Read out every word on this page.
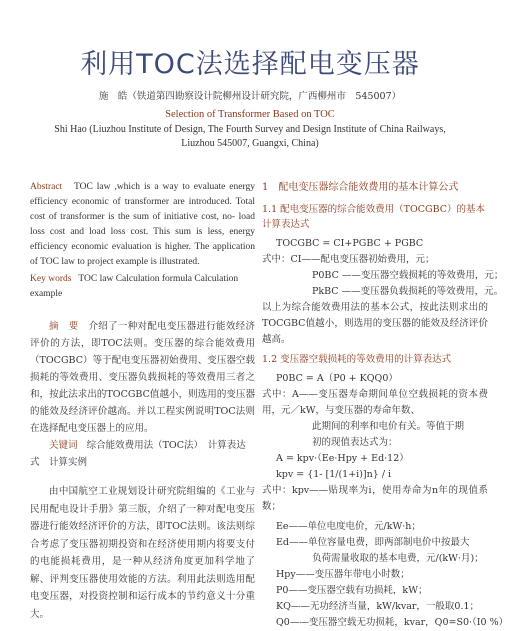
利用TOC法选择配电变压器
施　皓（铁道第四勘察设计院柳州设计研究院，广西柳州市　545007）
Selection of Transformer Based on TOC
Shi Hao (Liuzhou Institute of Design, The Fourth Survey and Design Institute of China Railways, Liuzhou 545007, Guangxi, China)
Abstract TOC law ,which is a way to evaluate energy efficiency economic of transformer are introduced. Total cost of transformer is the sum of initiative cost, no- load loss cost and load loss cost. This sum is less, energy efficiency economic evaluation is higher. The application of TOC law to project example is illustrated.
Key words TOC law Calculation formula Calculation example
摘　要 介绍了一种对配电变压器进行能效经济评价的方法，即TOC法则。变压器的综合能效费用（TOCGBC）等于配电变压器初始费用、变压器空载损耗的等效费用、变压器负载损耗的等效费用三者之和，按此法求出的TOCGBC值越小，则选用的变压器的能效及经济评价越高。并以工程实例说明TOC法则在选择配电变压器上的应用。
关键词 综合能效费用法（TOC法）　计算表达式　计算实例
由中国航空工业规划设计研究院组编的《工业与民用配电设计手册》第三版，介绍了一种对配电变压器进行能效经济评价的方法，即TOC法则。该法则综合考虑了变压器初期投资和在经济使用期内将要支付的电能损耗费用，是一种从经济角度更加科学地了解、评判变压器使用效能的方法。利用此法则选用配电变压器，对投资控制和运行成本的节约意义十分重大。
1　配电变压器综合能效费用的基本计算公式
1.1 配电变压器的综合能效费用（TOCGBC）的基本计算表达式
TOCGBC = CI+PGBC + PGBC
式中：CI——配电变压器初始费用，元；
P0BC ——变压器空载损耗的等效费用，元；
PkBC ——变压器负载损耗的等效费用，元。
以上为综合能效费用法的基本公式，按此法则求出的TOCGBC值越小，则选用的变压器的能效及经济评价越高。
1.2 变压器空载损耗的等效费用的计算表达式
P0BC = A（P0 + KQQ0）
式中：A——变压器寿命期间单位空载损耗的资本费用，元／kW，与变压器的寿命年数、
此期间的利率和电价有关。等值于期
初的现值表达式为：
A = kpv·（Ee·Hpy + Ed·12）
kpv = {1- [1/(1+i)]n} / i
式中：kpv——贴现率为i，使用寿命为n年的现值系数；
Ee——单位电度电价，元/kW·h；
Ed——单位容量电费，即两部制电价中按最大
负荷需量收取的基本电费，元/(kW·月)；
Hpy——变压器年带电小时数；
P0——变压器空载有功损耗，kW；
KQ——无功经济当量，kW/kvar，一般取0.1；
Q0——变压器空载无功损耗，kvar，Q0=S0·（I0 %）
